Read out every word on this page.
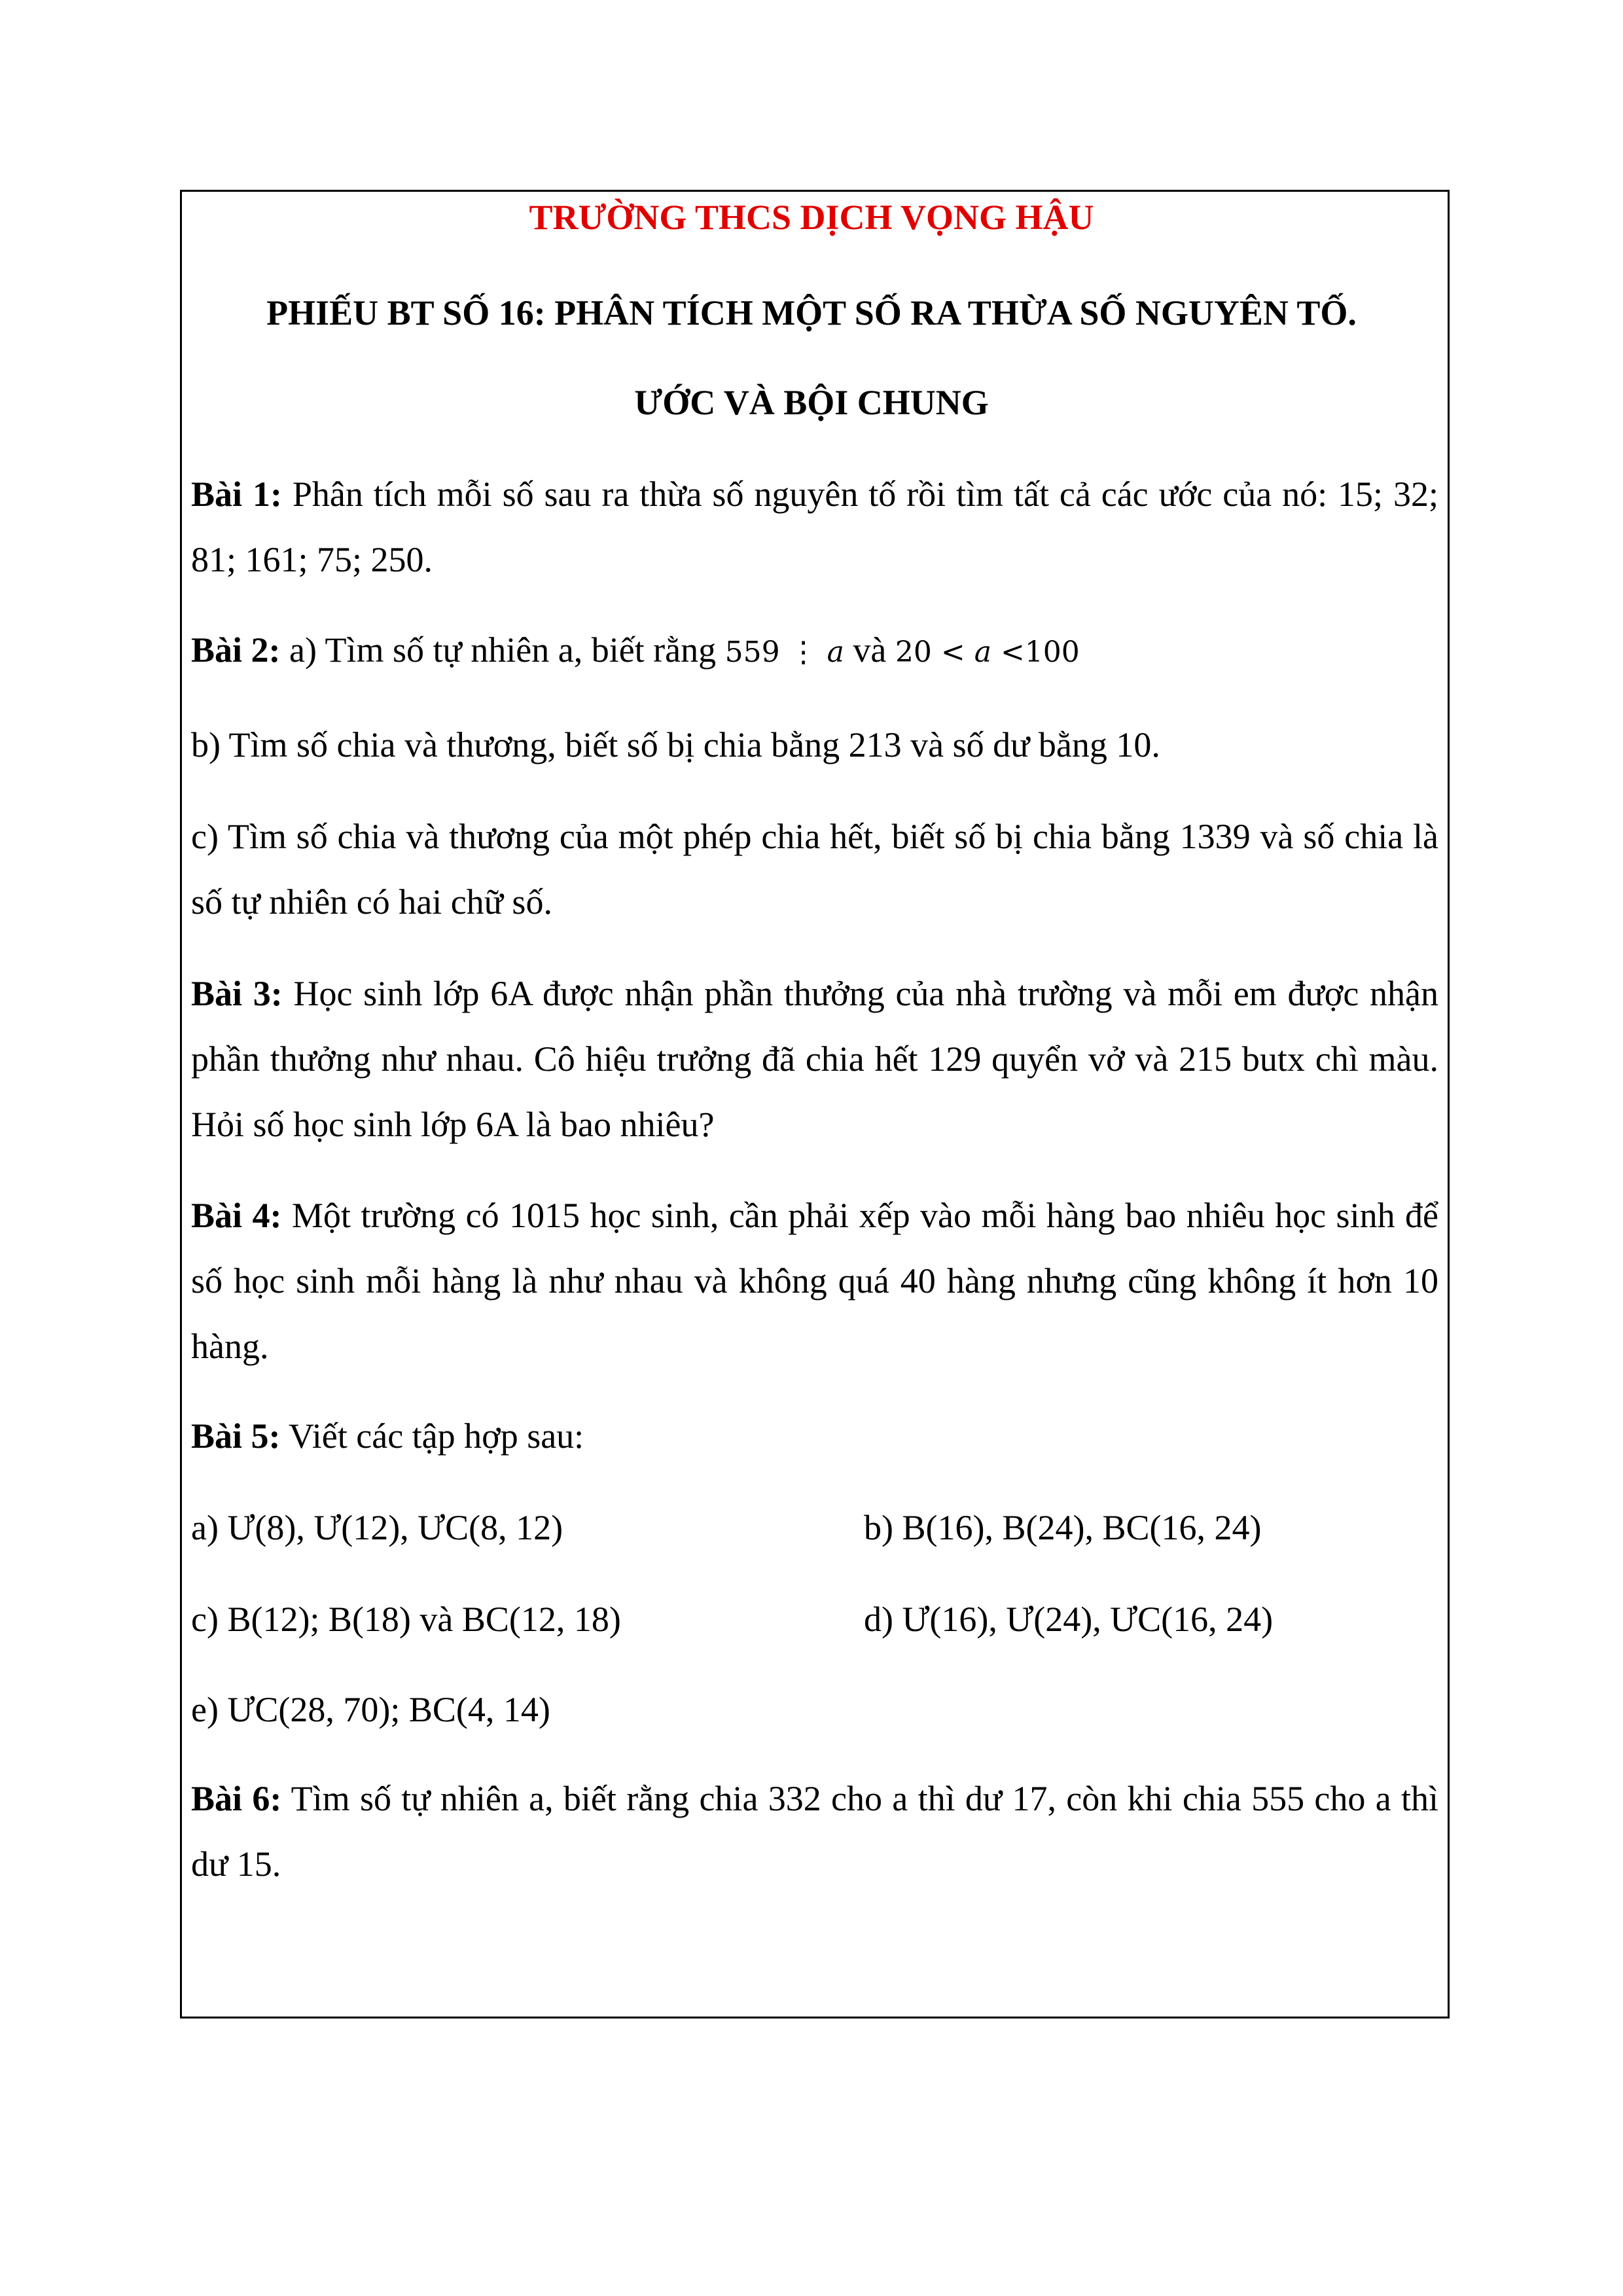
TRƯỜNG THCS DỊCH VỌNG HẬU

PHIẾU BT SỐ 16: PHÂN TÍCH MỘT SỐ RA THỪA SỐ NGUYÊN TỐ.

ƯỚC VÀ BỘI CHUNG

Bài 1: Phân tích mỗi số sau ra thừa số nguyên tố rồi tìm tất cả các ước của nó: 15; 32; 81; 161; 75; 250.

Bài 2: a) Tìm số tự nhiên a, biết rằng 559 ⋮ a và 20 < a <100

b) Tìm số chia và thương, biết số bị chia bằng 213 và số dư bằng 10.

c) Tìm số chia và thương của một phép chia hết, biết số bị chia bằng 1339 và số chia là số tự nhiên có hai chữ số.

Bài 3: Học sinh lớp 6A được nhận phần thưởng của nhà trường và mỗi em được nhận phần thưởng như nhau. Cô hiệu trưởng đã chia hết 129 quyển vở và 215 butx chì màu. Hỏi số học sinh lớp 6A là bao nhiêu?

Bài 4: Một trường có 1015 học sinh, cần phải xếp vào mỗi hàng bao nhiêu học sinh để số học sinh mỗi hàng là như nhau và không quá 40 hàng nhưng cũng không ít hơn 10 hàng.

Bài 5: Viết các tập hợp sau:

a) Ư(8), Ư(12), ƯC(8, 12)	b) B(16), B(24), BC(16, 24)
c) B(12); B(18) và BC(12, 18)	d) Ư(16), Ư(24), ƯC(16, 24)
e) ƯC(28, 70); BC(4, 14)

Bài 6: Tìm số tự nhiên a, biết rằng chia 332 cho a thì dư 17, còn khi chia 555 cho a thì dư 15.
